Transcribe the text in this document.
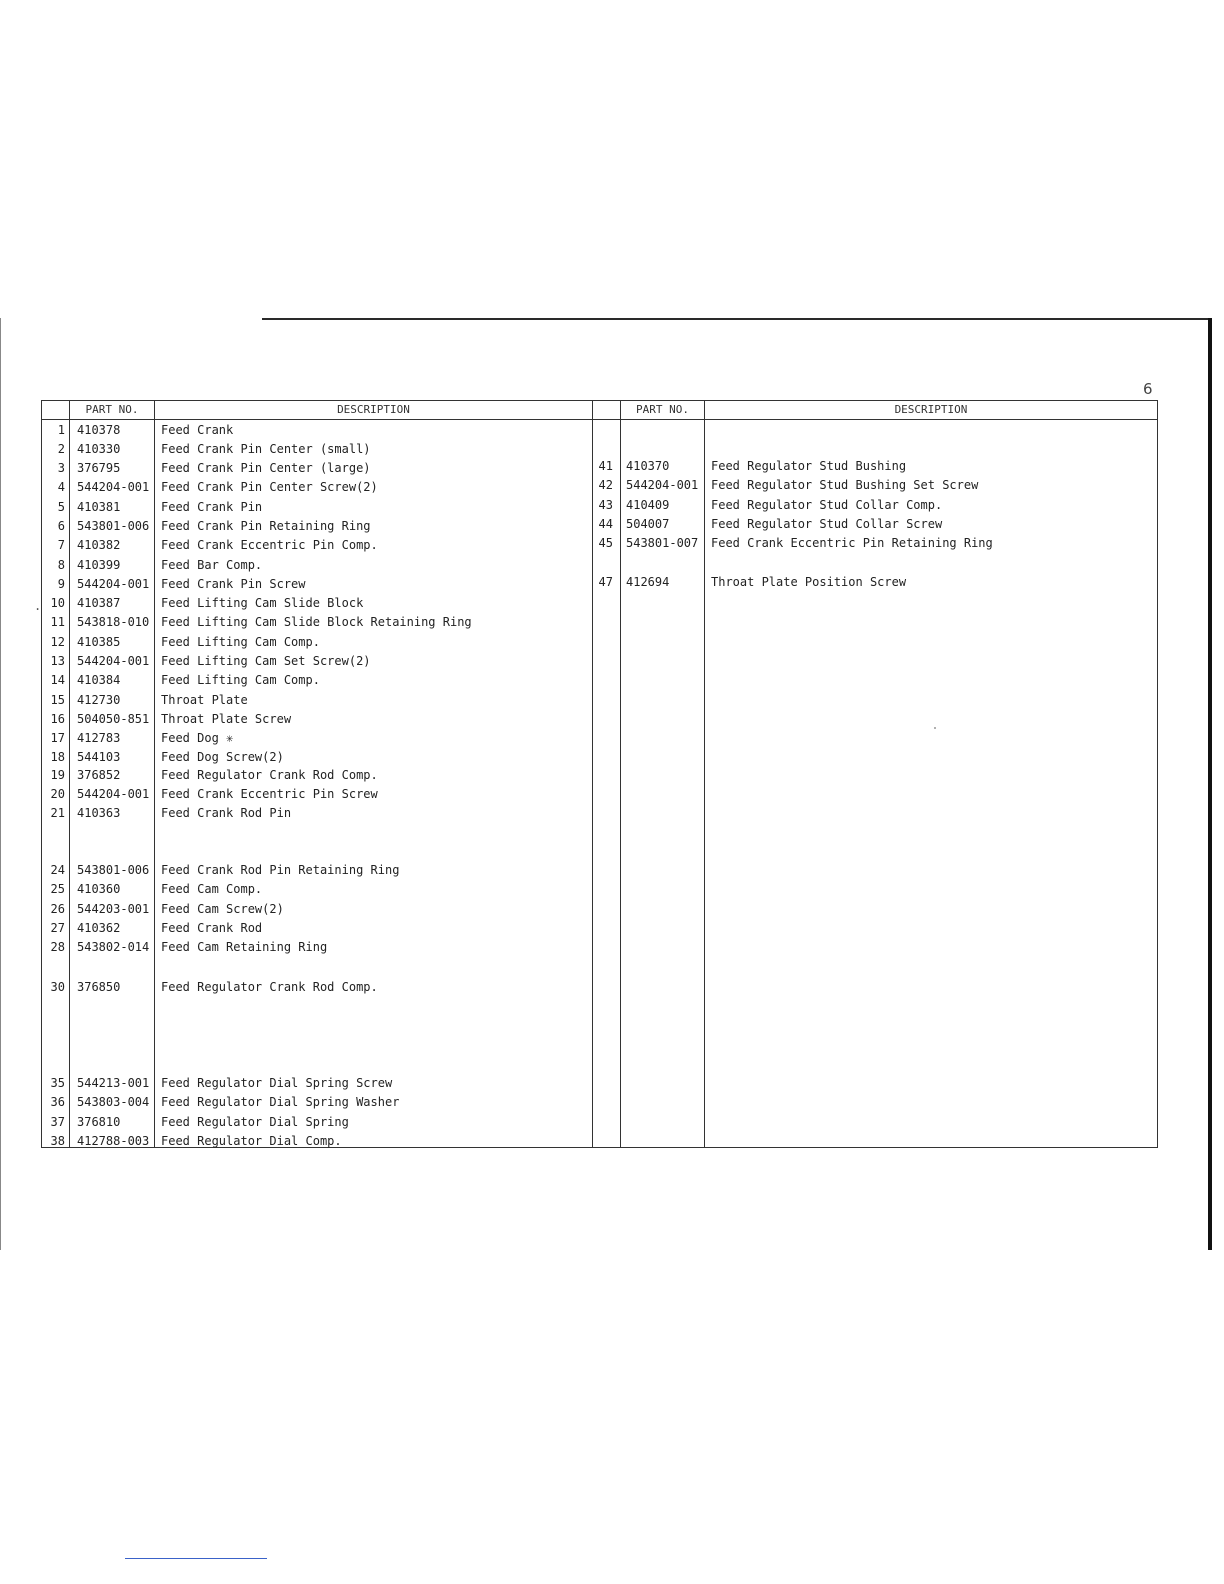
6
.
PART NO.	DESCRIPTION	PART NO.	DESCRIPTION
1 410378	Feed Crank
2 410330	Feed Crank Pin Center (small)
3 376795	Feed Crank Pin Center (large)
4 544204-001 Feed Crank Pin Center Screw(2)
5 410381	Feed Crank Pin
6 543801-006 Feed Crank Pin Retaining Ring
7 410382	Feed Crank Eccentric Pin Comp.
8 410399	Feed Bar Comp.
9 544204-001 Feed Crank Pin Screw
10 410387	Feed Lifting Cam Slide Block
11 543818-010 Feed Lifting Cam Slide Block Retaining Ring
12 410385	Feed Lifting Cam Comp.
13 544204-001 Feed Lifting Cam Set Screw(2)
14 410384	Feed Lifting Cam Comp.
15 412730	Throat Plate
16 504050-851 Throat Plate Screw
17 412783	Feed Dog ✳
18 544103	Feed Dog Screw(2)
19 376852	Feed Regulator Crank Rod Comp.
20 544204-001 Feed Crank Eccentric Pin Screw
21 410363	Feed Crank Rod Pin
24 543801-006 Feed Crank Rod Pin Retaining Ring
25 410360	Feed Cam Comp.
26 544203-001 Feed Cam Screw(2)
27 410362	Feed Crank Rod
28 543802-014 Feed Cam Retaining Ring
30 376850	Feed Regulator Crank Rod Comp.
35 544213-001 Feed Regulator Dial Spring Screw
36 543803-004 Feed Regulator Dial Spring Washer
37 376810	Feed Regulator Dial Spring
38 412788-003 Feed Regulator Dial Comp.
41 410370	Feed Regulator Stud Bushing
42 544204-001 Feed Regulator Stud Bushing Set Screw
43 410409	Feed Regulator Stud Collar Comp.
44 504007	Feed Regulator Stud Collar Screw
45 543801-007 Feed Crank Eccentric Pin Retaining Ring
47 412694	Throat Plate Position Screw
